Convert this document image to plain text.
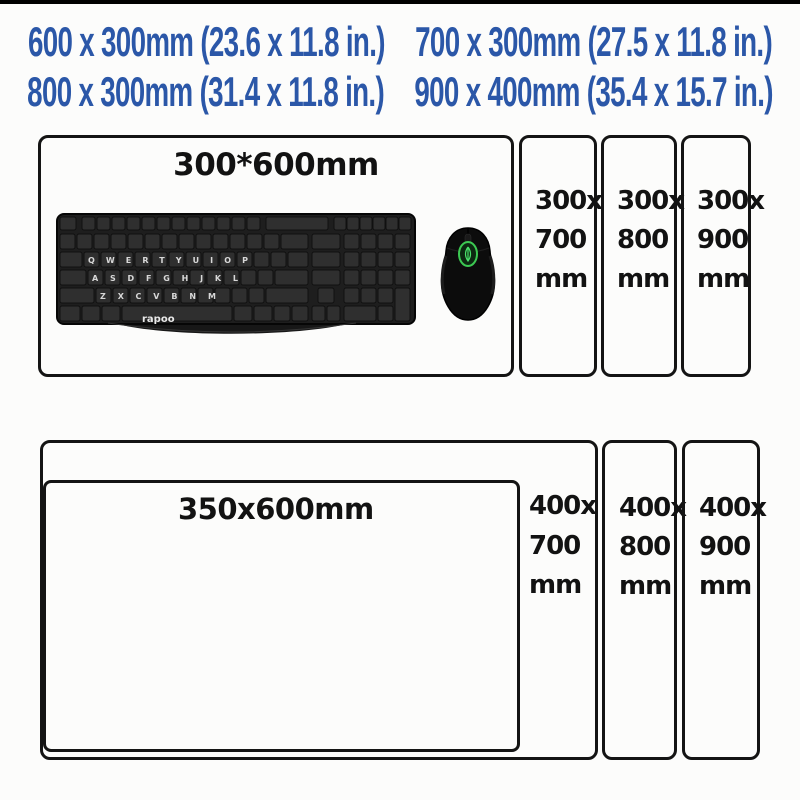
600 x 300mm (23.6 x 11.8 in.) 700 x 300mm (27.5 x 11.8 in.)
800 x 300mm (31.4 x 11.8 in.) 900 x 400mm (35.4 x 15.7 in.)
300*600mm
QWERTYUIOP
ASDFGHJKL
ZXCVBNM
rapoo
300x
700
mm
300x
800
mm
300x
900
mm
350x600mm	400x
700
mm
400x
800
mm
400x
900
mm
